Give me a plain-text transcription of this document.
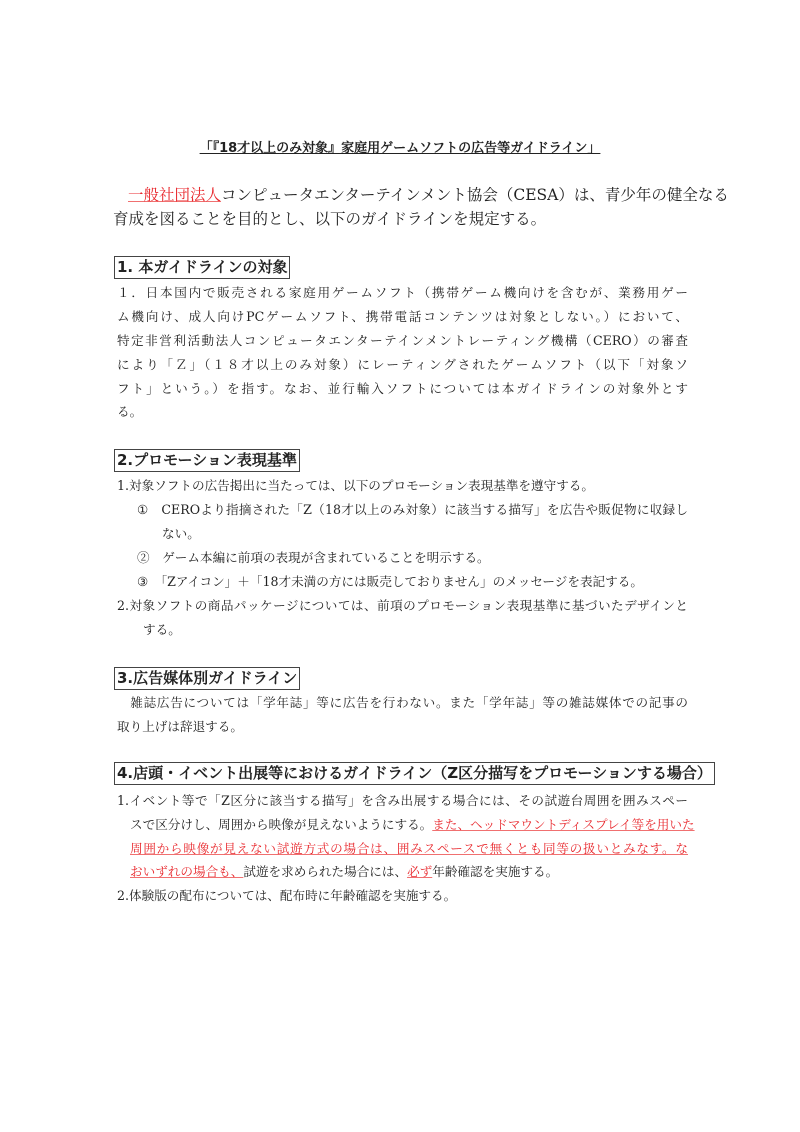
「『18才以上のみ対象』家庭用ゲームソフトの広告等ガイドライン」
一般社団法人コンピュータエンターテインメント協会（CESA）は、青少年の健全なる
育成を図ることを目的とし、以下のガイドラインを規定する。
1. 本ガイドラインの対象
１．日本国内で販売される家庭用ゲームソフト（携帯ゲーム機向けを含むが、業務用ゲー
ム機向け、成人向けPCゲームソフト、携帯電話コンテンツは対象としない。）において、
特定非営利活動法人コンピュータエンターテインメントレーティング機構（CERO）の審査
により「Ｚ」（１８才以上のみ対象）にレーティングされたゲームソフト（以下「対象ソ
フト」という。）を指す。なお、並行輸入ソフトについては本ガイドラインの対象外とす
る。
2.プロモーション表現基準
1.対象ソフトの広告掲出に当たっては、以下のプロモーション表現基準を遵守する。
①　CEROより指摘された「Z（18才以上のみ対象）に該当する描写」を広告や販促物に収録し
ない。
②　ゲーム本編に前項の表現が含まれていることを明示する。
③　「Zアイコン」＋「18才未満の方には販売しておりません」のメッセージを表記する。
2.対象ソフトの商品パッケージについては、前項のプロモーション表現基準に基づいたデザインと
する。
3.広告媒体別ガイドライン
　雑誌広告については「学年誌」等に広告を行わない。また「学年誌」等の雑誌媒体での記事の
取り上げは辞退する。
4.店頭・イベント出展等におけるガイドライン（Z区分描写をプロモーションする場合）
1.イベント等で「Z区分に該当する描写」を含み出展する場合には、その試遊台周囲を囲みスペー
スで区分けし、周囲から映像が見えないようにする。また、ヘッドマウントディスプレイ等を用いた
周囲から映像が見えない試遊方式の場合は、囲みスペースで無くとも同等の扱いとみなす。な
おいずれの場合も、試遊を求められた場合には、必ず年齢確認を実施する。
2.体験版の配布については、配布時に年齢確認を実施する。
